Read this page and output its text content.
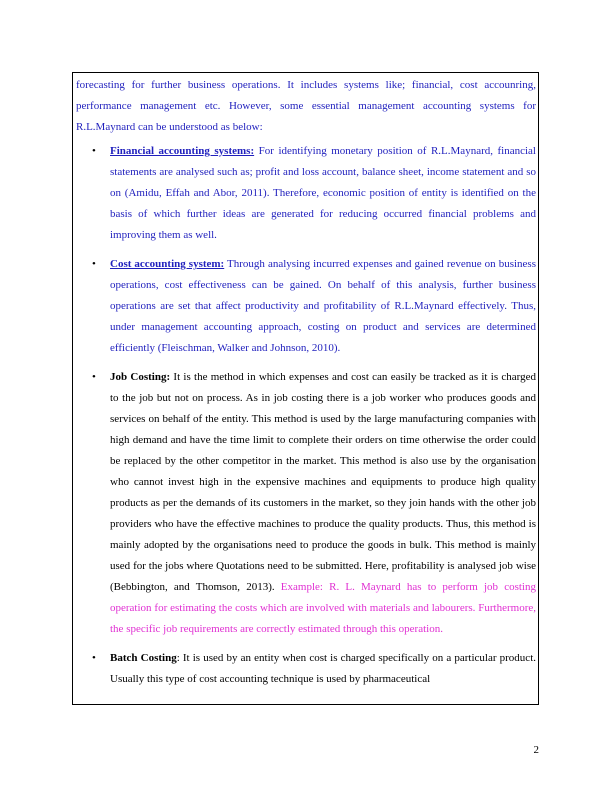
forecasting for further business operations. It includes systems like; financial, cost accounring, performance management etc. However, some essential management accounting systems for R.L.Maynard can be understood as below:

• Financial accounting systems: For identifying monetary position of R.L.Maynard, financial statements are analysed such as; profit and loss account, balance sheet, income statement and so on (Amidu, Effah and Abor, 2011). Therefore, economic position of entity is identified on the basis of which further ideas are generated for reducing occurred financial problems and improving them as well.
• Cost accounting system: Through analysing incurred expenses and gained revenue on business operations, cost effectiveness can be gained. On behalf of this analysis, further business operations are set that affect productivity and profitability of R.L.Maynard effectively. Thus, under management accounting approach, costing on product and services are determined efficiently (Fleischman, Walker and Johnson, 2010).
• Job Costing: It is the method in which expenses and cost can easily be tracked as it is charged to the job but not on process. As in job costing there is a job worker who produces goods and services on behalf of the entity. This method is used by the large manufacturing companies with high demand and have the time limit to complete their orders on time otherwise the order could be replaced by the other competitor in the market. This method is also use by the organisation who cannot invest high in the expensive machines and equipments to produce high quality products as per the demands of its customers in the market, so they join hands with the other job providers who have the effective machines to produce the quality products. Thus, this method is mainly adopted by the organisations need to produce the goods in bulk. This method is mainly used for the jobs where Quotations need to be submitted. Here, profitability is analysed job wise (Bebbington, and Thomson, 2013). Example: R. L. Maynard has to perform job costing operation for estimating the costs which are involved with materials and labourers. Furthermore, the specific job requirements are correctly estimated through this operation.
• Batch Costing: It is used by an entity when cost is charged specifically on a particular product. Usually this type of cost accounting technique is used by pharmaceutical
2
